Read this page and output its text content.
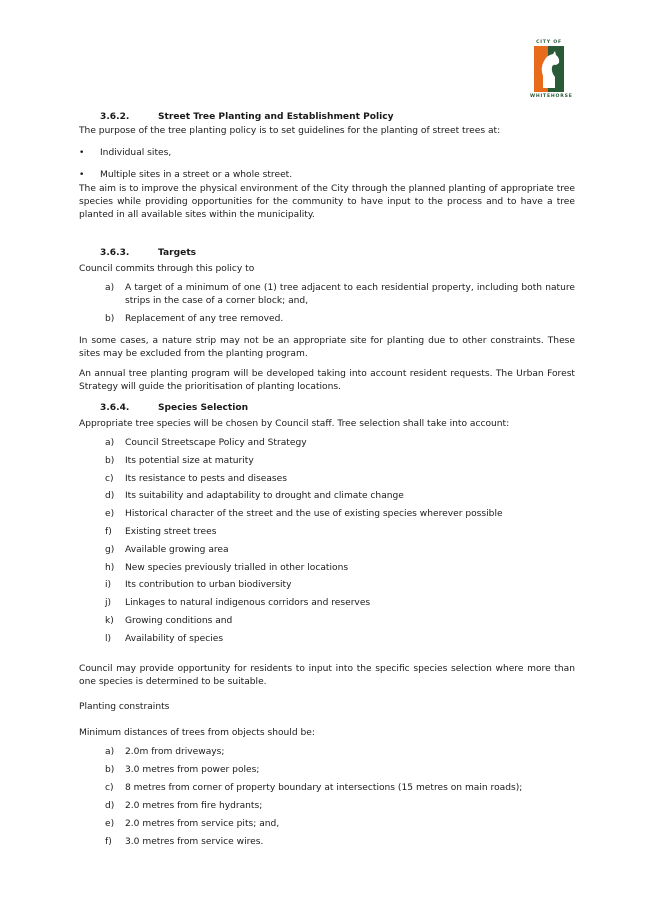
CITY OF
WHITEHORSE
3.6.2.	Street Tree Planting and Establishment Policy

The purpose of the tree planting policy is to set guidelines for the planting of street trees at:

• Individual sites,
• Multiple sites in a street or a whole street.

The aim is to improve the physical environment of the City through the planned planting of appropriate tree species while providing opportunities for the community to have input to the process and to have a tree planted in all available sites within the municipality.

3.6.3.	Targets

Council commits through this policy to

a) A target of a minimum of one (1) tree adjacent to each residential property, including both nature strips in the case of a corner block; and,
b) Replacement of any tree removed.

In some cases, a nature strip may not be an appropriate site for planting due to other constraints. These sites may be excluded from the planting program.

An annual tree planting program will be developed taking into account resident requests. The Urban Forest Strategy will guide the prioritisation of planting locations.

3.6.4.	Species Selection

Appropriate tree species will be chosen by Council staff. Tree selection shall take into account:

a) Council Streetscape Policy and Strategy
b) Its potential size at maturity
c) Its resistance to pests and diseases
d) Its suitability and adaptability to drought and climate change
e) Historical character of the street and the use of existing species wherever possible
f) Existing street trees
g) Available growing area
h) New species previously trialled in other locations
i) Its contribution to urban biodiversity
j) Linkages to natural indigenous corridors and reserves
k) Growing conditions and
l) Availability of species

Council may provide opportunity for residents to input into the specific species selection where more than one species is determined to be suitable.

Planting constraints

Minimum distances of trees from objects should be:

a) 2.0m from driveways;
b) 3.0 metres from power poles;
c) 8 metres from corner of property boundary at intersections (15 metres on main roads);
d) 2.0 metres from fire hydrants;
e) 2.0 metres from service pits; and,
f) 3.0 metres from service wires.
